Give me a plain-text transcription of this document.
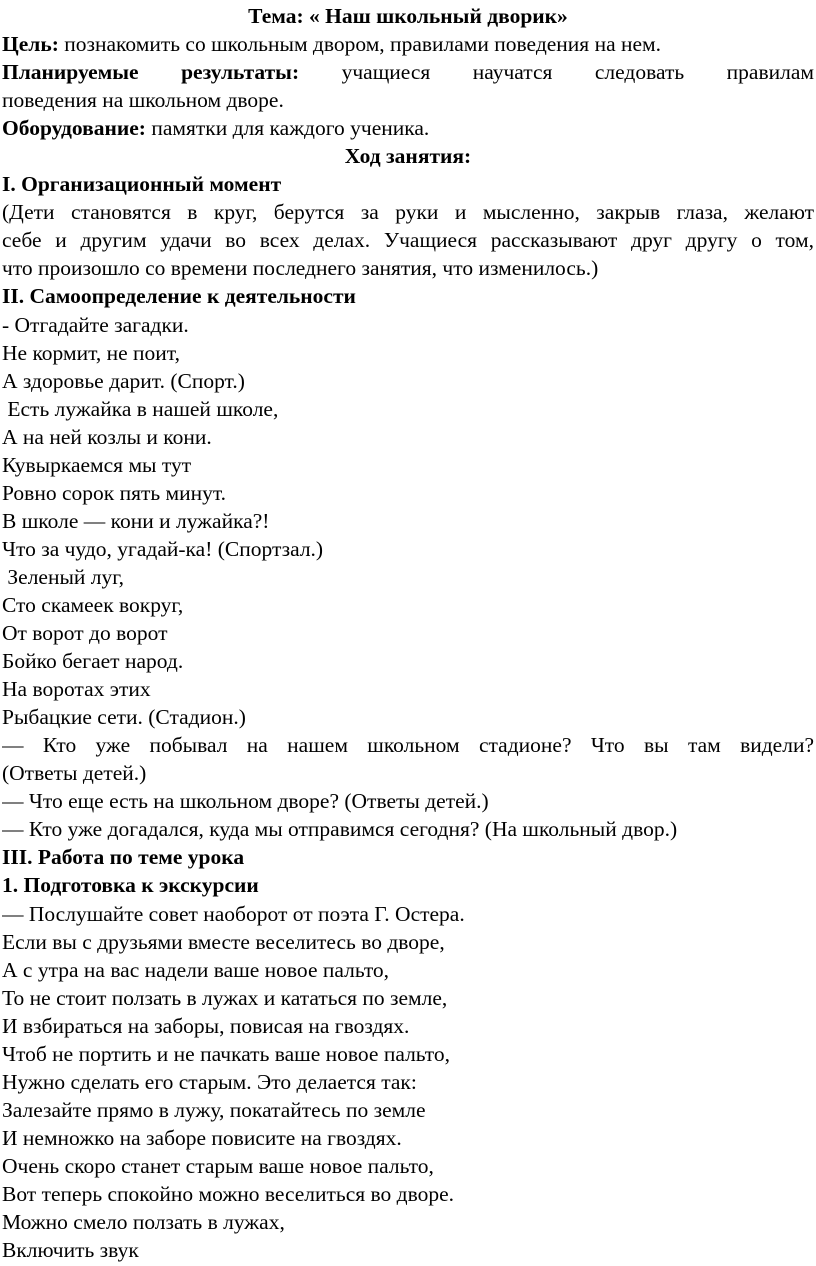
Тема: « Наш школьный дворик»
Цель: познакомить со школьным двором, правилами поведения на нем.
Планируемые результаты: учащиеся научатся следовать правилам
поведения на школьном дворе.
Оборудование: памятки для каждого ученика.
Ход занятия:
I. Организационный момент
(Дети становятся в круг, берутся за руки и мысленно, закрыв глаза, желают
себе и другим удачи во всех делах. Учащиеся рассказывают друг другу о том,
что произошло со времени последнего занятия, что изменилось.)
II. Самоопределение к деятельности
- Отгадайте загадки.
Не кормит, не поит,
А здоровье дарит. (Спорт.)
Есть лужайка в нашей школе,
А на ней козлы и кони.
Кувыркаемся мы тут
Ровно сорок пять минут.
В школе — кони и лужайка?!
Что за чудо, угадай-ка! (Спортзал.)
Зеленый луг,
Сто скамеек вокруг,
От ворот до ворот
Бойко бегает народ.
На воротах этих
Рыбацкие сети. (Стадион.)
— Кто уже побывал на нашем школьном стадионе? Что вы там видели?
(Ответы детей.)
— Что еще есть на школьном дворе? (Ответы детей.)
— Кто уже догадался, куда мы отправимся сегодня? (На школьный двор.)
III. Работа по теме урока
1. Подготовка к экскурсии
— Послушайте совет наоборот от поэта Г. Остера.
Если вы с друзьями вместе веселитесь во дворе,
А с утра на вас надели ваше новое пальто,
То не стоит ползать в лужах и кататься по земле,
И взбираться на заборы, повисая на гвоздях.
Чтоб не портить и не пачкать ваше новое пальто,
Нужно сделать его старым. Это делается так:
Залезайте прямо в лужу, покатайтесь по земле
И немножко на заборе повисите на гвоздях.
Очень скоро станет старым ваше новое пальто,
Вот теперь спокойно можно веселиться во дворе.
Можно смело ползать в лужах,
Включить звук
